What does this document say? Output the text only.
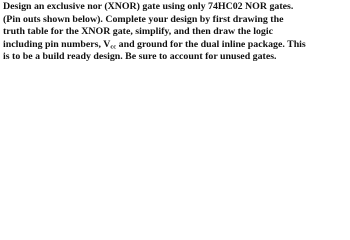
Design an exclusive nor (XNOR) gate using only 74HC02 NOR gates.
(Pin outs shown below). Complete your design by first drawing the
truth table for the XNOR gate, simplify, and then draw the logic
including pin numbers, $V_{cc}$ and ground for the dual inline package. This
is to be a build ready design. Be sure to account for unused gates.
